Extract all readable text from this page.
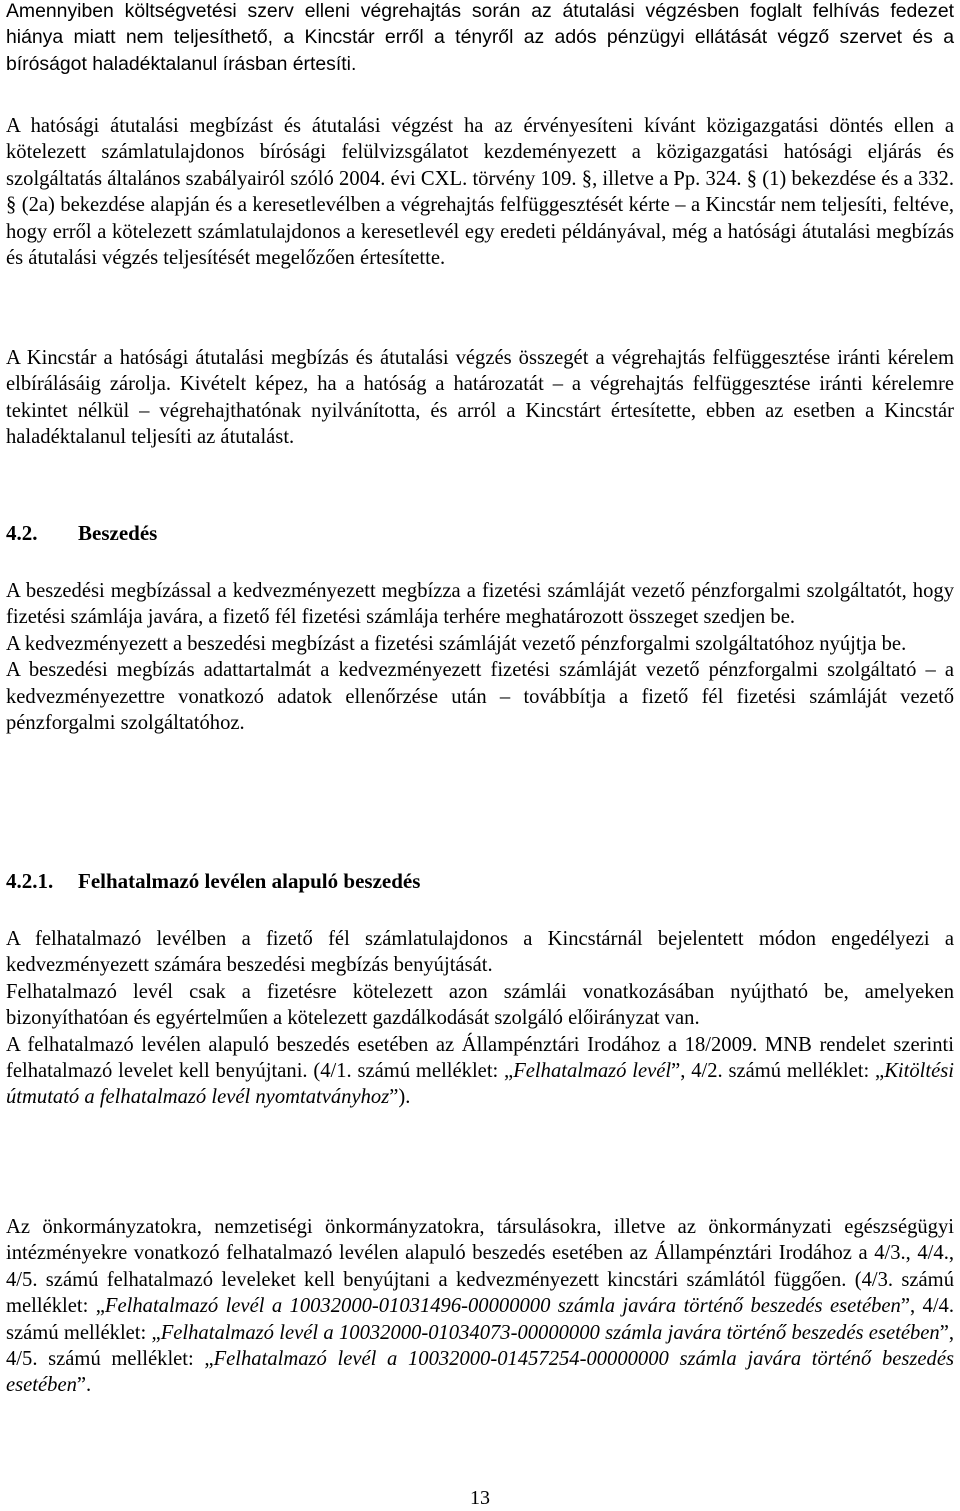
Amennyiben költségvetési szerv elleni végrehajtás során az átutalási végzésben foglalt felhívás fedezet hiánya miatt nem teljesíthető, a Kincstár erről a tényről az adós pénzügyi ellátását végző szervet és a bíróságot haladéktalanul írásban értesíti.

A hatósági átutalási megbízást és átutalási végzést ha az érvényesíteni kívánt közigazgatási döntés ellen a kötelezett számlatulajdonos bírósági felülvizsgálatot kezdeményezett a közigazgatási hatósági eljárás és szolgáltatás általános szabályairól szóló 2004. évi CXL. törvény 109. §, illetve a Pp. 324. § (1) bekezdése és a 332. § (2a) bekezdése alapján és a keresetlevélben a végrehajtás felfüggesztését kérte – a Kincstár nem teljesíti, feltéve, hogy erről a kötelezett számlatulajdonos a keresetlevél egy eredeti példányával, még a hatósági átutalási megbízás és átutalási végzés teljesítését megelőzően értesítette.

A Kincstár a hatósági átutalási megbízás és átutalási végzés összegét a végrehajtás felfüggesztése iránti kérelem elbírálásáig zárolja. Kivételt képez, ha a hatóság a határozatát – a végrehajtás felfüggesztése iránti kérelemre tekintet nélkül – végrehajthatónak nyilvánította, és arról a Kincstárt értesítette, ebben az esetben a Kincstár haladéktalanul teljesíti az átutalást.

4.2. Beszedés

A beszedési megbízással a kedvezményezett megbízza a fizetési számláját vezető pénzforgalmi szolgáltatót, hogy fizetési számlája javára, a fizető fél fizetési számlája terhére meghatározott összeget szedjen be.

A kedvezményezett a beszedési megbízást a fizetési számláját vezető pénzforgalmi szolgáltatóhoz nyújtja be.

A beszedési megbízás adattartalmát a kedvezményezett fizetési számláját vezető pénzforgalmi szolgáltató – a kedvezményezettre vonatkozó adatok ellenőrzése után – továbbítja a fizető fél fizetési számláját vezető pénzforgalmi szolgáltatóhoz.

4.2.1. Felhatalmazó levélen alapuló beszedés

A felhatalmazó levélben a fizető fél számlatulajdonos a Kincstárnál bejelentett módon engedélyezi a kedvezményezett számára beszedési megbízás benyújtását.

Felhatalmazó levél csak a fizetésre kötelezett azon számlái vonatkozásában nyújtható be, amelyeken bizonyíthatóan és egyértelműen a kötelezett gazdálkodását szolgáló előirányzat van.

A felhatalmazó levélen alapuló beszedés esetében az Állampénztári Irodához a 18/2009. MNB rendelet szerinti felhatalmazó levelet kell benyújtani. (4/1. számú melléklet: „Felhatalmazó levél”, 4/2. számú melléklet: „Kitöltési útmutató a felhatalmazó levél nyomtatványhoz”).

Az önkormányzatokra, nemzetiségi önkormányzatokra, társulásokra, illetve az önkormányzati egészségügyi intézményekre vonatkozó felhatalmazó levélen alapuló beszedés esetében az Állampénztári Irodához a 4/3., 4/4., 4/5. számú felhatalmazó leveleket kell benyújtani a kedvezményezett kincstári számlától függően. (4/3. számú melléklet: „Felhatalmazó levél a 10032000-01031496-00000000 számla javára történő beszedés esetében”, 4/4. számú melléklet: „Felhatalmazó levél a 10032000-01034073-00000000 számla javára történő beszedés esetében”, 4/5. számú melléklet: „Felhatalmazó levél a 10032000-01457254-00000000 számla javára történő beszedés esetében”.

13
